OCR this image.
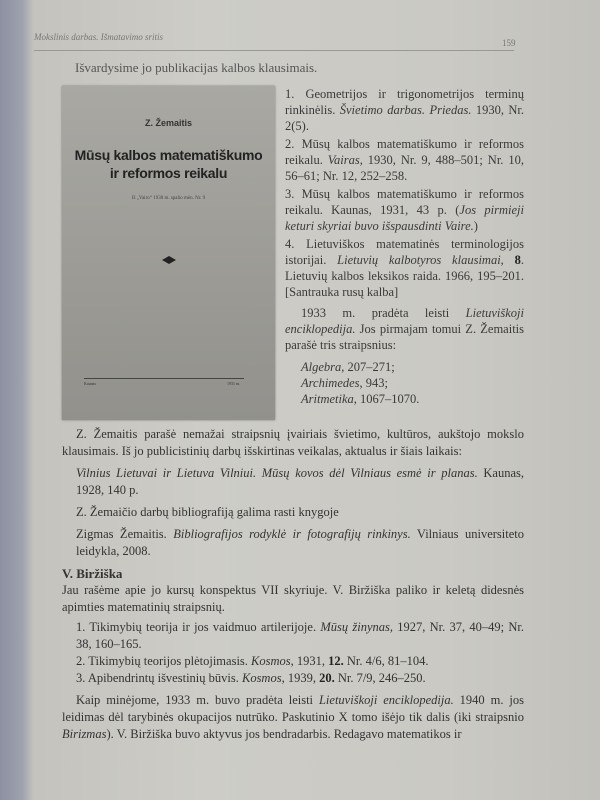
Mokslinis darbas. Išmatavimo sritis
159
Išvardysime jo publikacijas kalbos klausimais.
Z. Žemaitis
Mūsų kalbos matematiškumo
ir reformos reikalu
Iš „Vairo“ 1930 m. spalio mėn. Nr. 9
Kaunas	1931 m.
1. Geometrijos ir trigonometrijos terminų rinkinėlis. Švietimo darbas. Priedas. 1930, Nr. 2(5).
2. Mūsų kalbos matematiškumo ir reformos reikalu. Vairas, 1930, Nr. 9, 488–501; Nr. 10, 56–61; Nr. 12, 252–258.
3. Mūsų kalbos matematiškumo ir reformos reikalu. Kaunas, 1931, 43 p. (Jos pirmieji keturi skyriai buvo išspausdinti Vaire.)
4. Lietuviškos matematinės terminologijos istorijai. Lietuvių kalbotyros klausimai, 8. Lietuvių kalbos leksikos raida. 1966, 195–201. [Santrauka rusų kalba]

1933 m. pradėta leisti Lietuviškoji enciklopedija. Jos pirmajam tomui Z. Žemaitis parašė tris straipsnius:

Algebra, 207–271;
Archimedes, 943;
Aritmetika, 1067–1070.

Z. Žemaitis parašė nemažai straipsnių įvairiais švietimo, kultūros, aukštojo mokslo klausimais. Iš jo publicistinių darbų išskirtinas veikalas, aktualus ir šiais laikais:

Vilnius Lietuvai ir Lietuva Vilniui. Mūsų kovos dėl Vilniaus esmė ir planas. Kaunas, 1928, 140 p.

Z. Žemaičio darbų bibliografiją galima rasti knygoje

Zigmas Žemaitis. Bibliografijos rodyklė ir fotografijų rinkinys. Vilniaus universiteto leidykla, 2008.

V. Biržiška

Jau rašėme apie jo kursų konspektus VII skyriuje. V. Biržiška paliko ir keletą didesnės apimties matematinių straipsnių.

1. Tikimybių teorija ir jos vaidmuo artilerijoje. Mūsų žinynas, 1927, Nr. 37, 40–49; Nr. 38, 160–165.
2. Tikimybių teorijos plėtojimasis. Kosmos, 1931, 12. Nr. 4/6, 81–104.
3. Apibendrintų išvestinių būvis. Kosmos, 1939, 20. Nr. 7/9, 246–250.

Kaip minėjome, 1933 m. buvo pradėta leisti Lietuviškoji enciklopedija. 1940 m. jos leidimas dėl tarybinės okupacijos nutrūko. Paskutinio X tomo išėjo tik dalis (iki straipsnio Birizmas). V. Biržiška buvo aktyvus jos bendradarbis. Redagavo matematikos ir
